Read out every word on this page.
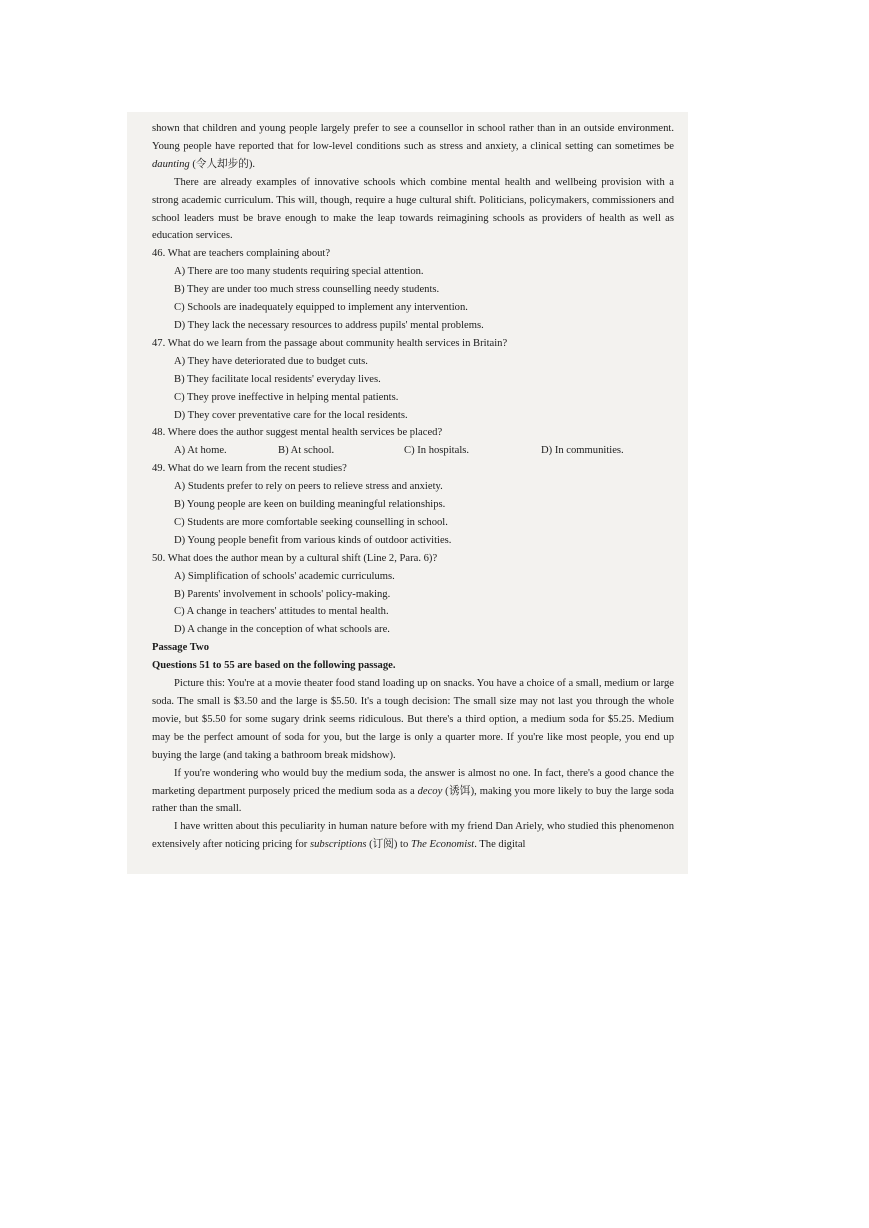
shown that children and young people largely prefer to see a counsellor in school rather than in an outside environment. Young people have reported that for low-level conditions such as stress and anxiety, a clinical setting can sometimes be daunting (令人却步的).

There are already examples of innovative schools which combine mental health and wellbeing provision with a strong academic curriculum. This will, though, require a huge cultural shift. Politicians, policymakers, commissioners and school leaders must be brave enough to make the leap towards reimagining schools as providers of health as well as education services.

46. What are teachers complaining about?

A) There are too many students requiring special attention.

B) They are under too much stress counselling needy students.

C) Schools are inadequately equipped to implement any intervention.

D) They lack the necessary resources to address pupils' mental problems.

47. What do we learn from the passage about community health services in Britain?

A) They have deteriorated due to budget cuts.

B) They facilitate local residents' everyday lives.

C) They prove ineffective in helping mental patients.

D) They cover preventative care for the local residents.

48. Where does the author suggest mental health services be placed?

A) At home.	B) At school.	C) In hospitals.	D) In communities.

49. What do we learn from the recent studies?

A) Students prefer to rely on peers to relieve stress and anxiety.

B) Young people are keen on building meaningful relationships.

C) Students are more comfortable seeking counselling in school.

D) Young people benefit from various kinds of outdoor activities.

50. What does the author mean by a cultural shift (Line 2, Para. 6)?

A) Simplification of schools' academic curriculums.

B) Parents' involvement in schools' policy-making.

C) A change in teachers' attitudes to mental health.

D) A change in the conception of what schools are.

Passage Two

Questions 51 to 55 are based on the following passage.

Picture this: You're at a movie theater food stand loading up on snacks. You have a choice of a small, medium or large soda. The small is $3.50 and the large is $5.50. It's a tough decision: The small size may not last you through the whole movie, but $5.50 for some sugary drink seems ridiculous. But there's a third option, a medium soda for $5.25. Medium may be the perfect amount of soda for you, but the large is only a quarter more. If you're like most people, you end up buying the large (and taking a bathroom break midshow).

If you're wondering who would buy the medium soda, the answer is almost no one. In fact, there's a good chance the marketing department purposely priced the medium soda as a decoy (诱饵), making you more likely to buy the large soda rather than the small.

I have written about this peculiarity in human nature before with my friend Dan Ariely, who studied this phenomenon extensively after noticing pricing for subscriptions (订阅) to The Economist. The digital
